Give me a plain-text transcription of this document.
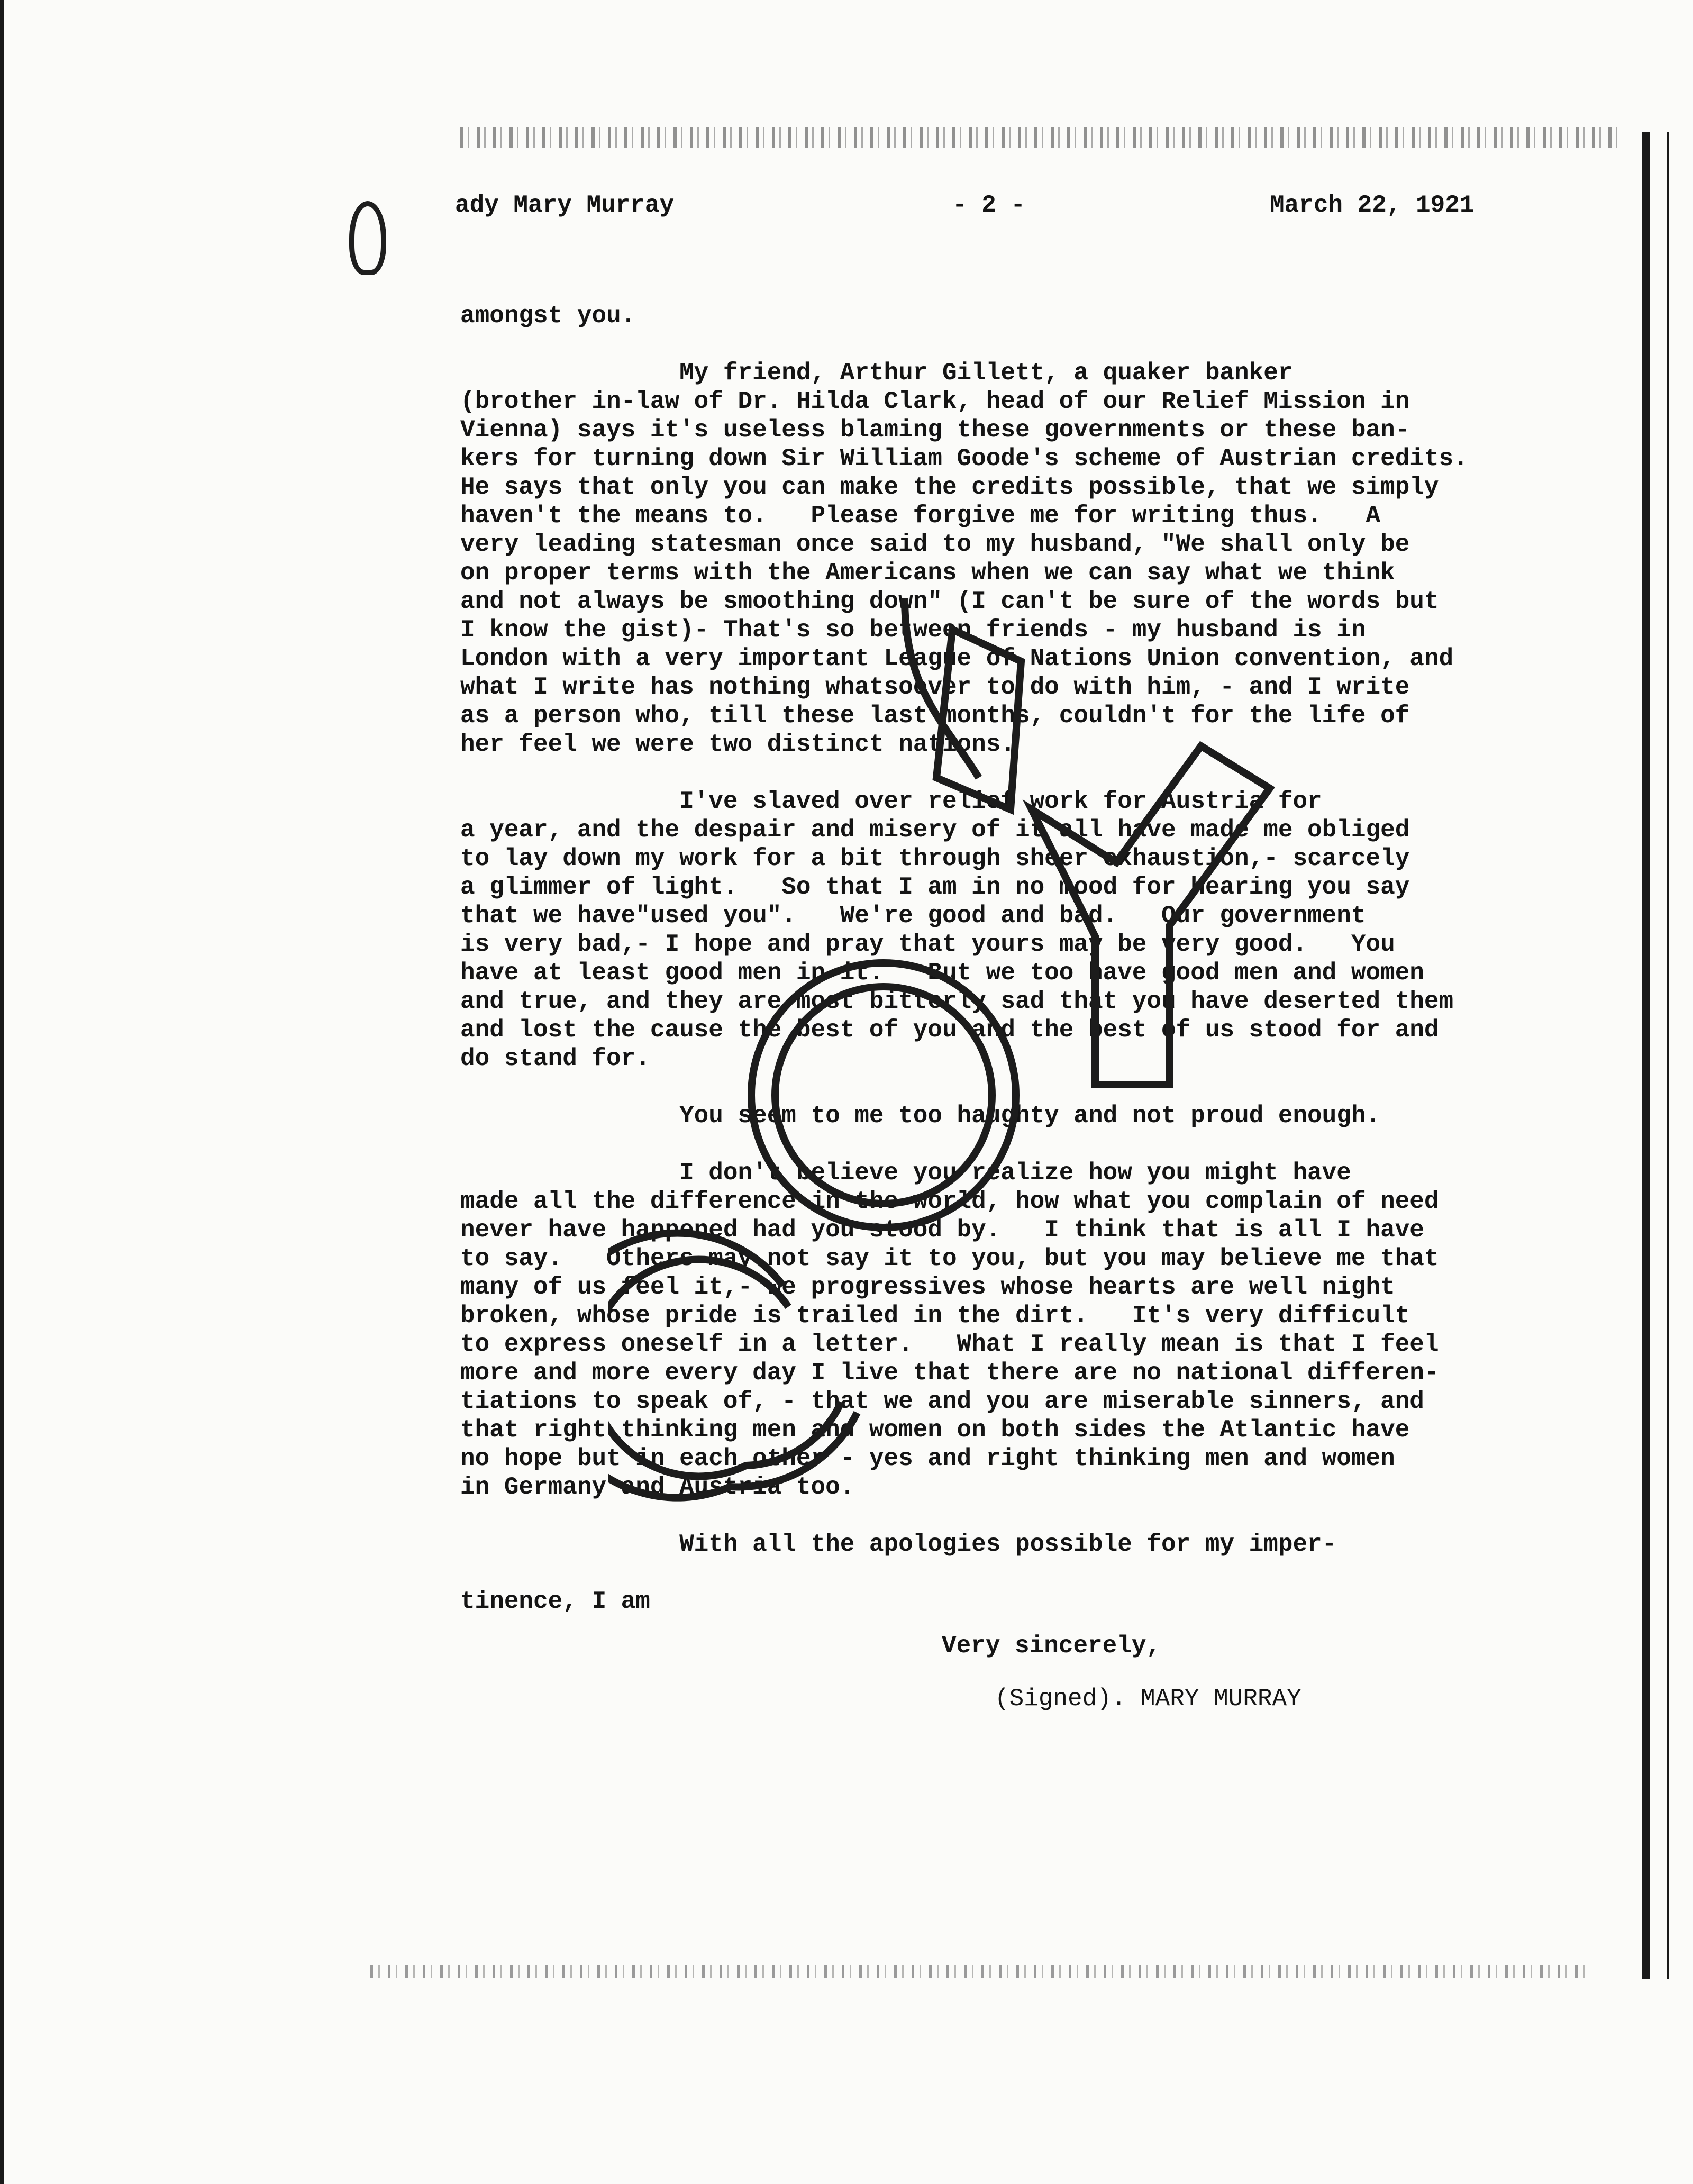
ady Mary Murray	- 2 -	March 22, 1921

amongst you.

My friend, Arthur Gillett, a quaker banker

(brother in-law of Dr. Hilda Clark, head of our Relief Mission in

Vienna) says it's useless blaming these governments or these ban-

kers for turning down Sir William Goode's scheme of Austrian credits.

He says that only you can make the credits possible, that we simply

haven't the means to.   Please forgive me for writing thus.   A

very leading statesman once said to my husband, "We shall only be

on proper terms with the Americans when we can say what we think

and not always be smoothing down" (I can't be sure of the words but

I know the gist)- That's so between friends - my husband is in

London with a very important League of Nations Union convention, and

what I write has nothing whatsoever to do with him, - and I write

as a person who, till these last months, couldn't for the life of

her feel we were two distinct nations.

I've slaved over relief work for Austria for

a year, and the despair and misery of it all have made me obliged

to lay down my work for a bit through sheer exhaustion,- scarcely

a glimmer of light.   So that I am in no mood for hearing you say

that we have"used you".   We're good and bad.   Our government

is very bad,- I hope and pray that yours may be very good.   You

have at least good men in it.   But we too have good men and women

and true, and they are most bitterly sad that you have deserted them

and lost the cause the best of you and the best of us stood for and

do stand for.

You seem to me too haughty and not proud enough.

I don't believe you realize how you might have

made all the difference in the world, how what you complain of need

never have happened had you stood by.   I think that is all I have

to say.   Others may not say it to you, but you may believe me that

many of us feel it,- we progressives whose hearts are well night

broken, whose pride is trailed in the dirt.   It's very difficult

to express oneself in a letter.   What I really mean is that I feel

more and more every day I live that there are no national differen-

tiations to speak of, - that we and you are miserable sinners, and

that right thinking men and women on both sides the Atlantic have

no hope but in each other - yes and right thinking men and women

in Germany and Austria too.

With all the apologies possible for my imper-

tinence, I am

Very sincerely,
(Signed). MARY MURRAY
